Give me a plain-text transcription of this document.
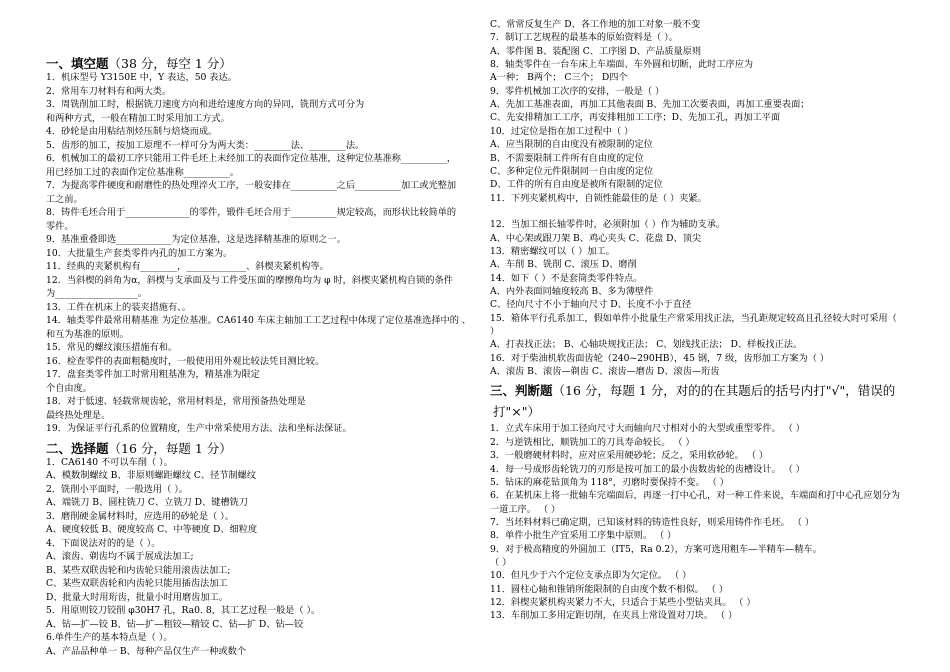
一、填空题（38 分，每空 1 分）
1．机床型号 Y3150E 中，Y 表达，50 表达。
2．常用车刀材料有和两大类。
3．周铣削加工时，根据铣刀速度方向和进给速度方向的异同，铣削方式可分为
和两种方式，一般在精加工时采用加工方式。
4．砂轮是由用粘结剂烃压制与焙烧而成。
5．齿形的加工，按加工原理不一样可分为两大类：________法、________法。
6．机械加工的最初工序只能用工件毛坯上未经加工的表面作定位基准，这种定位基准称__________，
用已经加工过的表面作定位基准称__________。
7．为提高零件硬度和耐磨性的热处理淬火工序，一般安排在__________之后__________加工或光整加
工之前。
8．铸件毛坯合用于______________的零件，锻件毛坯合用于__________规定较高，而形状比较简单的
零件。
9．基准重叠即选____________为定位基准，这是选择精基准的原则之一。
10．大批量生产套类零件内孔的加工方案为。
11．经典的夹紧机构有________，_____________、斜楔夹紧机构等。
12．当斜楔的斜角为α，斜楔与支承面及与工件受压面的摩擦角均为 φ 时，斜楔夹紧机构自锁的条件
为__________________。
13．工件在机床上的装夹措施有、。
14．轴类零件最常用精基准 为定位基准。CA6140 车床主轴加工工艺过程中体现了定位基准选择中的 、
和互为基准的原则。
15．常见的螺纹滚压措施有和。
16．检查零件的表面粗糙度时，一般使用用外观比较法凭目测比较。
17．盘套类零件加工时常用粗基准为，精基准为限定
个自由度。
18．对于低速、轻载常规齿轮，常用材料是，常用预备热处理是
最终热处理是。
19．为保证平行孔系的位置精度，生产中常采使用方法、法和坐标法保证。
二、选择题（16 分，每题 1 分）
1．CA6140 不可以车削（ ）。
A、模数制螺纹 B、非原则螺距螺纹 C、径节制螺纹
2．铣削小平面时，一般选用（ ）。
A、端铣刀 B、圆柱铣刀 C、立铣刀 D、键槽铣刀
3．磨削硬金属材料时，应选用的砂轮是（ ）。
A、硬度较低 B、硬度较高 C、中等硬度 D、细粒度
4．下面说法对的的是（ ）。
A、滚齿、剃齿均不属于展成法加工;
B、某些双联齿轮和内齿轮只能用滚齿法加工;
C、某些双联齿轮和内齿轮只能用插齿法加工
D、批量大时用珩齿，批量小时用磨齿加工。
5．用原则铰刀铰削 φ30H7 孔，Ra0. 8，其工艺过程一般是（ ）。
A、钻—扩—铰 B、钻—扩—粗铰—精铰 C、钻—扩 D、钻—铰
6.单件生产的基本特点是（ ）。
A、产品品种单一 B、每种产品仅生产一种或数个
C、常常反复生产 D、各工作地的加工对象一般不变
7．制订工艺规程的最基本的原始资料是（ ）。
A、零件图 B、装配图 C、工序图 D、产品质量原则
8．轴类零件在一台车床上车端面、车外圆和切断，此时工序应为
A一种； B两个； C三个； D四个
9．零件机械加工次序的安排，一般是（ ）
A、先加工基准表面，再加工其他表面 B、先加工次要表面，再加工重要表面；
C、先安排精加工工序，再安排粗加工工序；D、先加工孔，再加工平面
10．过定位是指在加工过程中（ ）
A、应当限制的自由度没有被限制的定位
B、不需要限制工件所有自由度的定位
C、多种定位元件限制同一自由度的定位
D、工件的所有自由度是被所有限制的定位
11．下列夹紧机构中，自锁性能最佳的是（ ）夹紧。
12．当加工细长轴零件时，必须附加（ ）作为辅助支承。
A、中心架或跟刀架 B、鸡心夹头 C、花盘 D、顶尖
13．精密螺纹可以（ ）加工。
A、车削 B、铣削 C、滚压 D、磨削
14．如下（ ）不是套筒类零件特点。
A、内外表面同轴度较高 B、多为薄壁件
C、径向尺寸不小于轴向尺寸 D、长度不小于直径
15．箱体平行孔系加工，假如单件小批量生产常采用找正法，当孔距规定较高且孔径较大时可采用（
）
A、打表找正法； B、心轴块规找正法； C、划线找正法； D、样板找正法。
16．对于柴油机软齿面齿轮（240~290HB），45 钢，7 级，齿形加工方案为（ ）
A、滚齿 B、滚齿—剃齿 C、滚齿—磨齿 D、滚齿—珩齿
三、判断题（16 分，每题 1 分，对的的在其题后的括号内打"√"，错误的
打"×"）
1．立式车床用于加工径向尺寸大而轴向尺寸相对小的大型或重型零件。 （ ）
2．与逆铣相比，顺铣加工的刀具寿命较长。 （ ）
3．一般磨硬材料时，应对应采用硬砂轮；反之，采用软砂轮。 （ ）
4．每一号成形齿轮铣刀的刃形是按可加工的最小齿数齿轮的齿槽设计。 （ ）
5．钻床的麻花钻顶角为 118°，刃磨时要保持不变。 （ ）
6．在某机床上将一批轴车完端面后，再逐一打中心孔，对一种工件来说，车端面和打中心孔应划分为
一道工序。 （ ）
7．当坯料材料已确定期，已知该材料的铸造性良好，则采用铸件作毛坯。 （ ）
8．单件小批生产宜采用工序集中原则。 （ ）
9．对于极高精度的外圆加工（IT5，Ra 0.2），方案可选用粗车—半精车—精车。
（ ）
10．但凡少于六个定位支承点即为欠定位。 （ ）
11．圆柱心轴和锥销所能限制的自由度个数不相似。 （ ）
12．斜楔夹紧机构夹紧力不大，只适合于某些小型钻夹具。 （ ）
13．车削加工多用定距切削，在夹具上常设置对刀块。 （ ）
